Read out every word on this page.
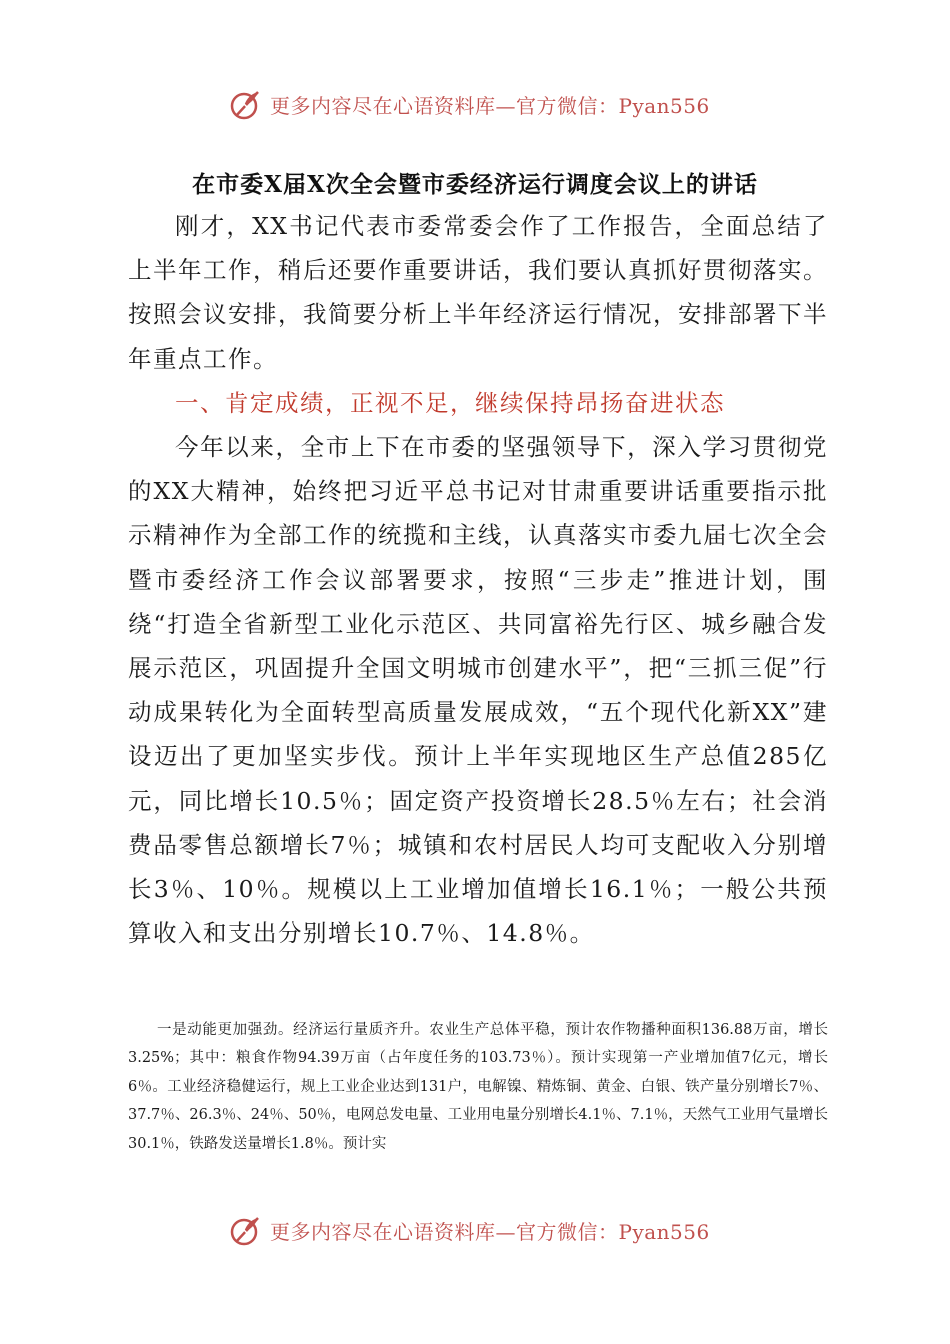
更多内容尽在心语资料库—官方微信：Pyan556
在市委X届X次全会暨市委经济运行调度会议上的讲话

刚才，XX书记代表市委常委会作了工作报告，全面总结了上半年工作，稍后还要作重要讲话，我们要认真抓好贯彻落实。按照会议安排，我简要分析上半年经济运行情况，安排部署下半年重点工作。

一、肯定成绩，正视不足，继续保持昂扬奋进状态

今年以来，全市上下在市委的坚强领导下，深入学习贯彻党的XX大精神，始终把习近平总书记对甘肃重要讲话重要指示批示精神作为全部工作的统揽和主线，认真落实市委九届七次全会暨市委经济工作会议部署要求，按照“三步走”推进计划，围绕“打造全省新型工业化示范区、共同富裕先行区、城乡融合发展示范区，巩固提升全国文明城市创建水平”，把“三抓三促”行动成果转化为全面转型高质量发展成效，“五个现代化新XX”建设迈出了更加坚实步伐。预计上半年实现地区生产总值285亿元，同比增长10.5％；固定资产投资增长28.5％左右；社会消费品零售总额增长7％；城镇和农村居民人均可支配收入分别增长3％、10％。规模以上工业增加值增长16.1％；一般公共预算收入和支出分别增长10.7％、14.8％。

一是动能更加强劲。经济运行量质齐升。农业生产总体平稳，预计农作物播种面积136.88万亩，增长3.25%；其中：粮食作物94.39万亩（占年度任务的103.73％）。预计实现第一产业增加值7亿元，增长6％。工业经济稳健运行，规上工业企业达到131户，电解镍、精炼铜、黄金、白银、铁产量分别增长7％、37.7％、26.3％、24％、50％，电网总发电量、工业用电量分别增长4.1％、7.1％，天然气工业用气量增长30.1％，铁路发送量增长1.8％。预计实

更多内容尽在心语资料库—官方微信：Pyan556
